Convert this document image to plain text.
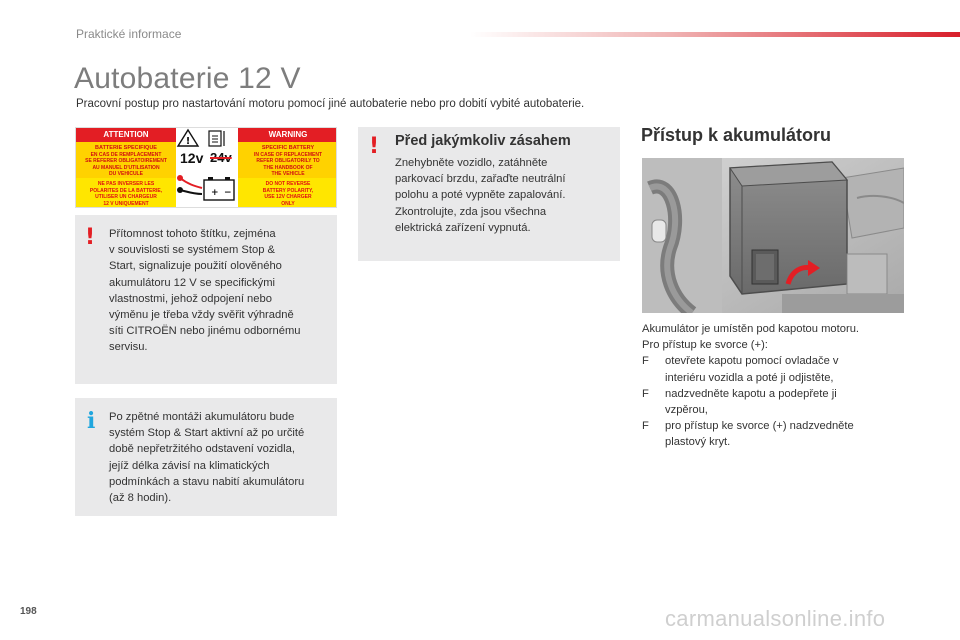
Praktické informace
Autobaterie 12 V
Pracovní postup pro nastartování motoru pomocí jiné autobaterie nebo pro dobití vybité autobaterie.
ATTENTION	WARNING
BATTERIE SPECIFIQUE
EN CAS DE REMPLACEMENT
SE REFERER OBLIGATOIREMENT
AU MANUEL D'UTILISATION
DU VEHICULE
NE PAS INVERSER LES
POLARITES DE LA BATTERIE,
UTILISER UN CHARGEUR
12 V UNIQUEMENT
SPECIFIC BATTERY
IN CASE OF REPLACEMENT
REFER OBLIGATORILY TO
THE HANDBOOK OF
THE VEHICLE
DO NOT REVERSE
BATTERY POLARITY,
USE 12V CHARGER
ONLY
!
+ −
12v 24v
! Přítomnost tohoto štítku, zejména
v souvislosti se systémem Stop &
Start, signalizuje použití olověného
akumulátoru 12 V se specifickými
vlastnostmi, jehož odpojení nebo
výměnu je třeba vždy svěřit výhradně
síti CITROËN nebo jinému odbornému
servisu.
i Po zpětné montáži akumulátoru bude
systém Stop & Start aktivní až po určité
době nepřetržitého odstavení vozidla,
jejíž délka závisí na klimatických
podmínkách a stavu nabití akumulátoru
(až 8 hodin).
! Před jakýmkoliv zásahem
Znehybněte vozidlo, zatáhněte
parkovací brzdu, zařaďte neutrální
polohu a poté vypněte zapalování.
Zkontrolujte, zda jsou všechna
elektrická zařízení vypnutá.
Přístup k akumulátoru
Akumulátor je umístěn pod kapotou motoru.
Pro přístup ke svorce (+):
F otevřete kapotu pomocí ovladače v interiéru vozidla a poté ji odjistěte,
F nadzvedněte kapotu a podepřete ji vzpěrou,
F pro přístup ke svorce (+) nadzvedněte plastový kryt.
198	carmanualsonline.info
